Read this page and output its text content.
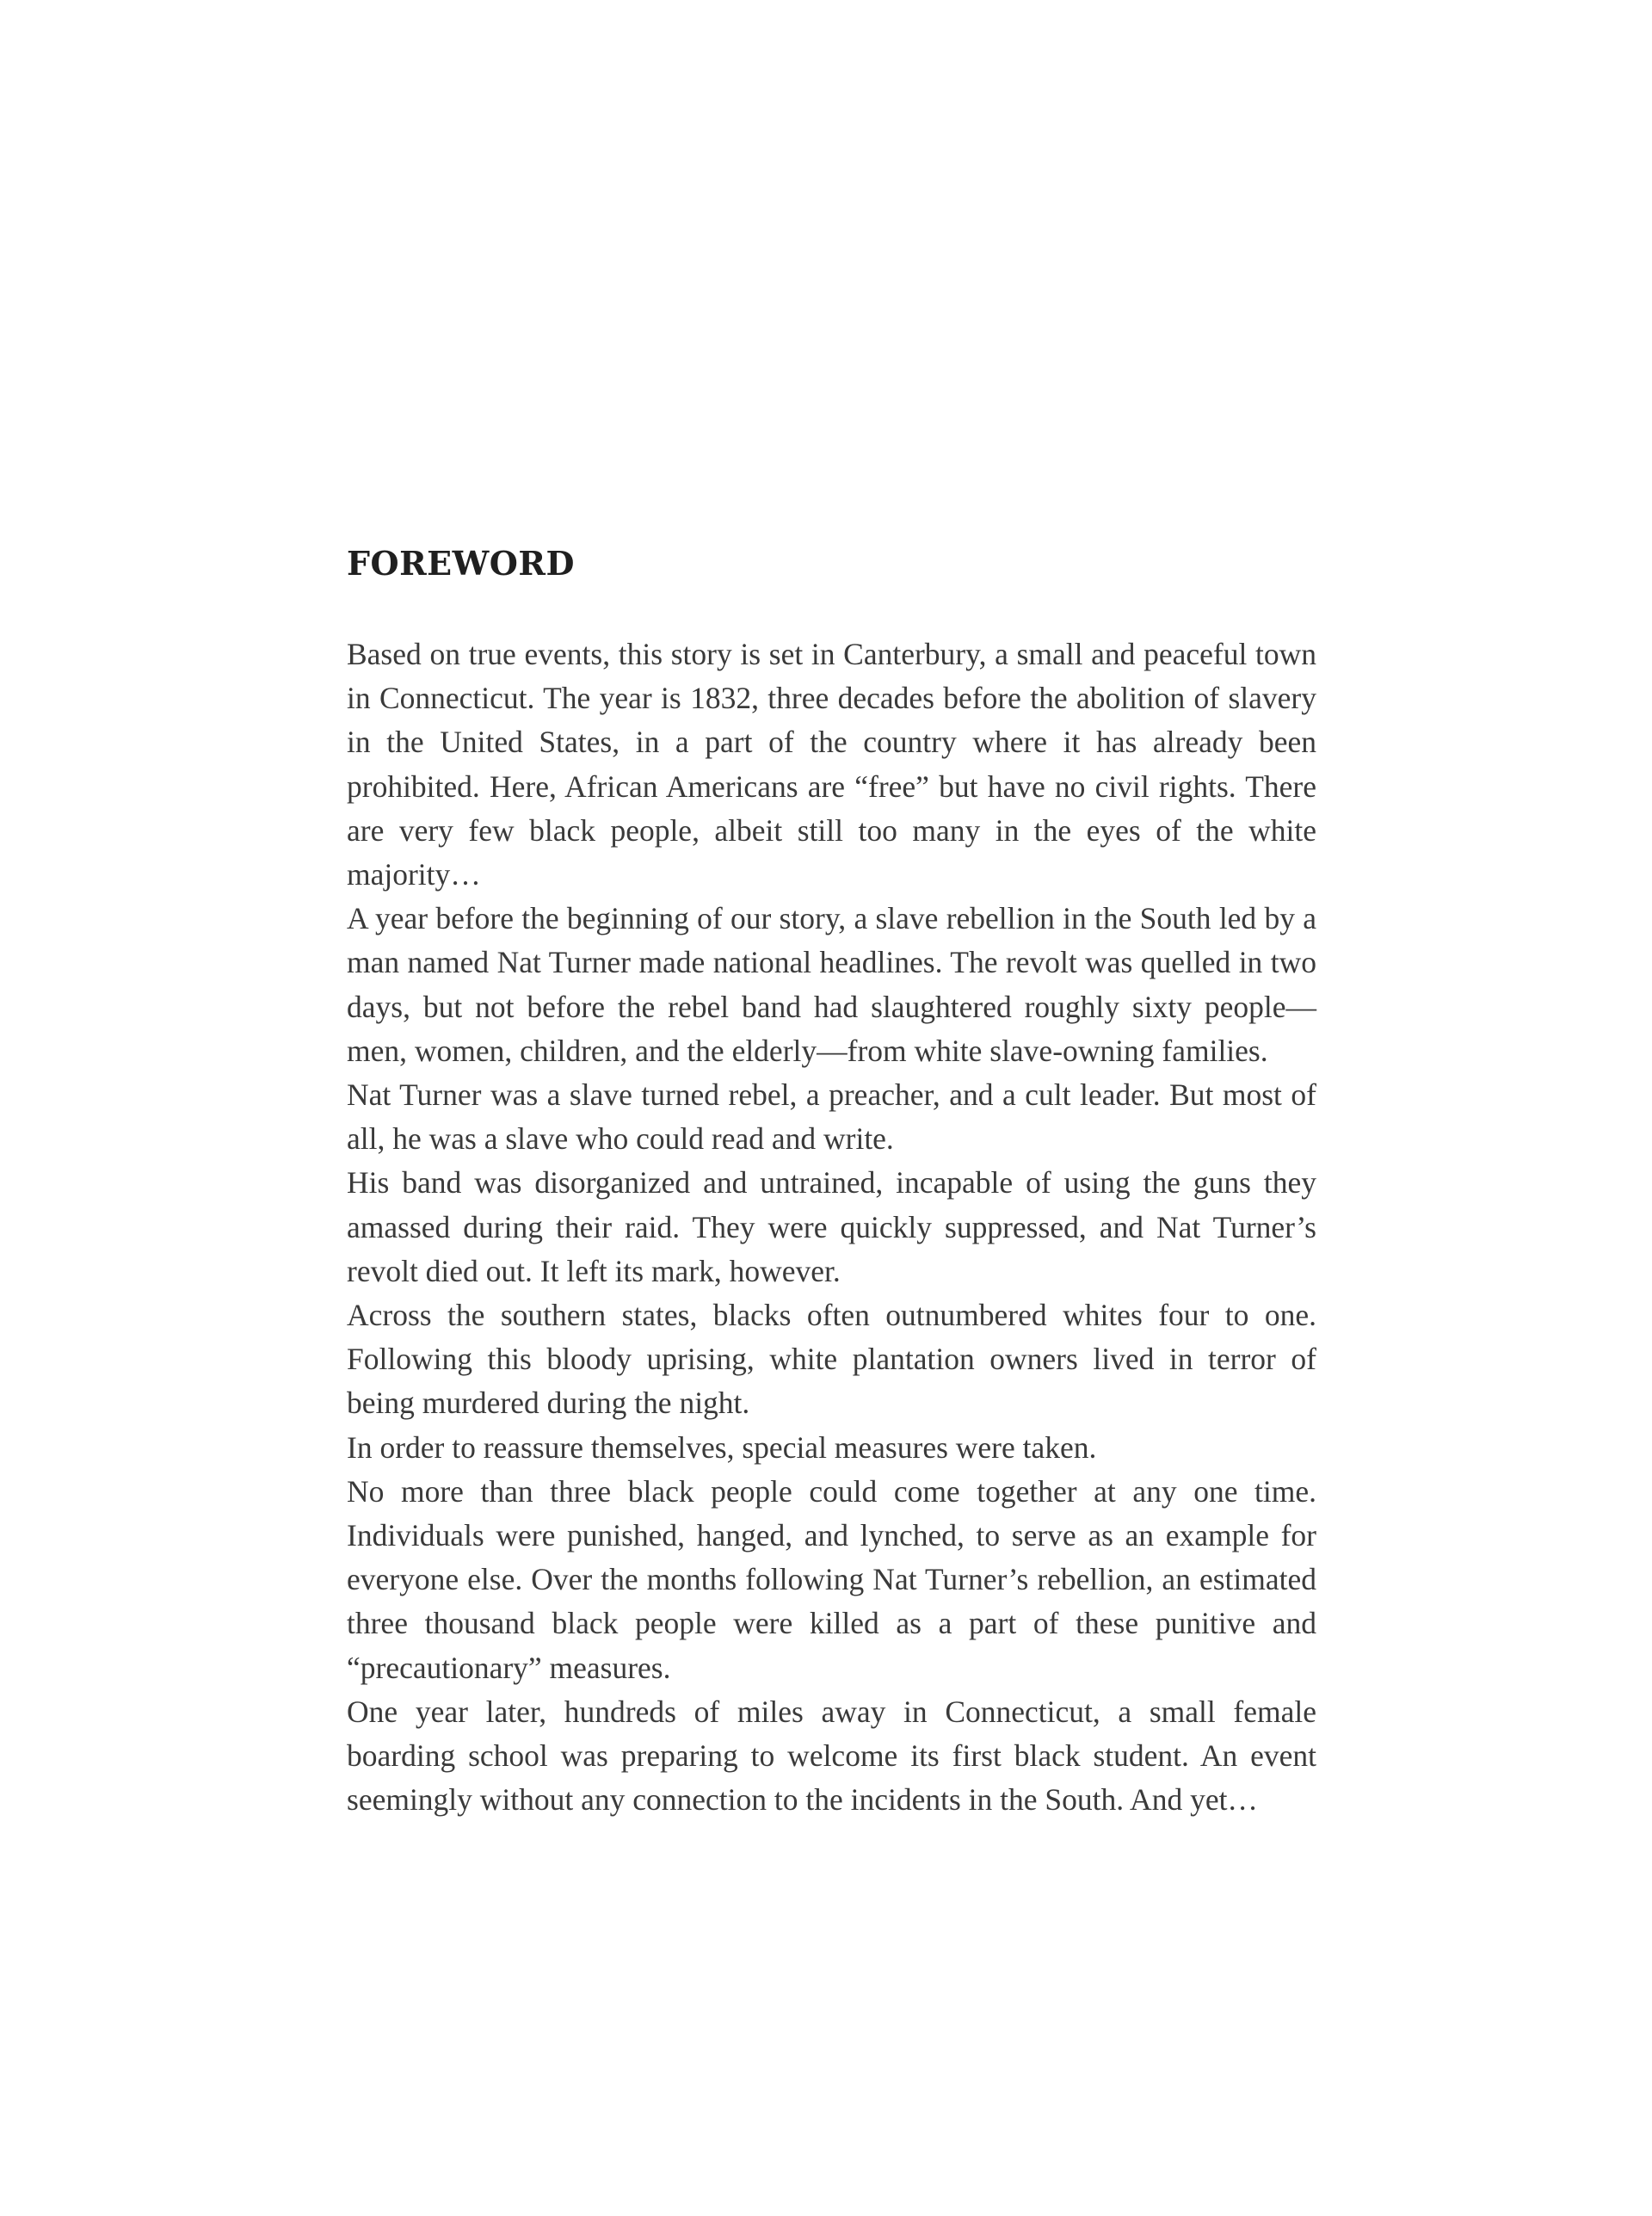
FOREWORD

Based on true events, this story is set in Canterbury, a small and peaceful town in Connecticut. The year is 1832, three decades before the abolition of slavery in the United States, in a part of the country where it has already been prohibited. Here, African Americans are “free” but have no civil rights. There are very few black people, albeit still too many in the eyes of the white majority…

A year before the beginning of our story, a slave rebellion in the South led by a man named Nat Turner made national headlines. The revolt was quelled in two days, but not before the rebel band had slaughtered roughly sixty people—men, women, children, and the elderly—from white slave-owning families.

Nat Turner was a slave turned rebel, a preacher, and a cult leader. But most of all, he was a slave who could read and write.

His band was disorganized and untrained, incapable of using the guns they amassed during their raid. They were quickly suppressed, and Nat Turner’s revolt died out. It left its mark, however.

Across the southern states, blacks often outnumbered whites four to one. Following this bloody uprising, white plantation owners lived in terror of being murdered during the night.

In order to reassure themselves, special measures were taken.

No more than three black people could come together at any one time. Individuals were punished, hanged, and lynched, to serve as an example for everyone else. Over the months following Nat Turner’s rebellion, an estimated three thousand black people were killed as a part of these punitive and “precautionary” measures.

One year later, hundreds of miles away in Connecticut, a small female boarding school was preparing to welcome its first black student. An event seemingly without any connection to the incidents in the South. And yet…
